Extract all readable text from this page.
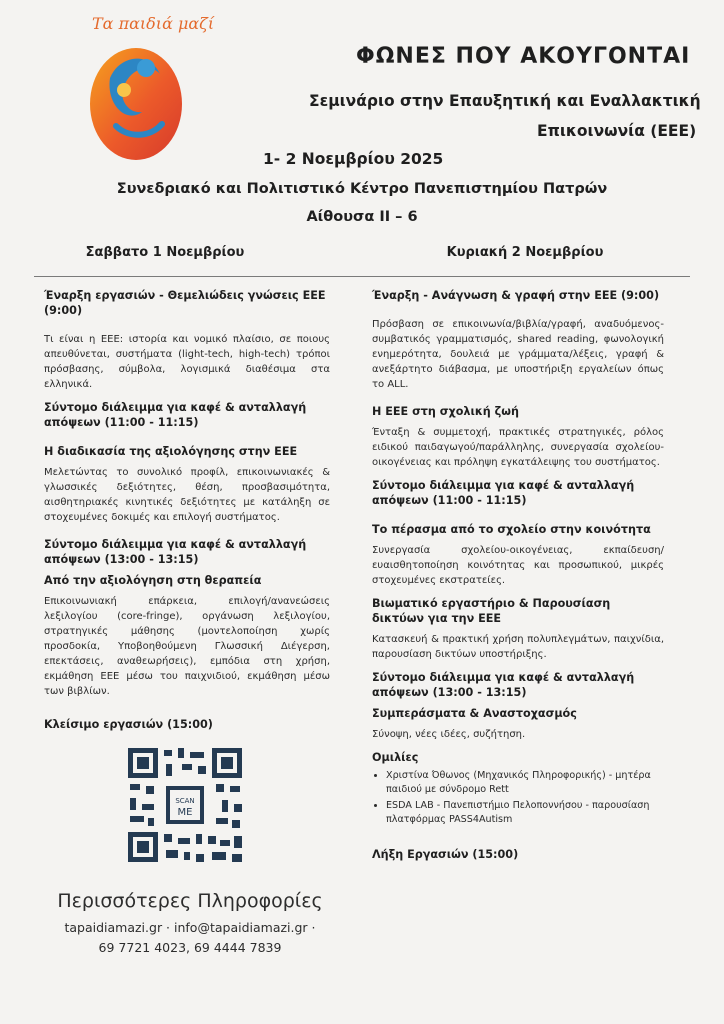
Τα παιδιά μαζί
ΦΩΝΕΣ ΠΟΥ ΑΚΟΥΓΟΝΤΑΙ
Σεμινάριο στην Επαυξητική και Εναλλακτική
Επικοινωνία (ΕΕΕ)
1- 2 Νοεμβρίου 2025
Συνεδριακό και Πολιτιστικό Κέντρο Πανεπιστημίου Πατρών
Αίθουσα ΙΙ – 6
Σαββατο 1 Νοεμβρίου	Κυριακή 2 Νοεμβρίου

Έναρξη εργασιών - Θεμελιώδεις γνώσεις ΕΕΕ (9:00)

Τι είναι η ΕΕΕ: ιστορία και νομικό πλαίσιο, σε ποιους απευθύνεται, συστήματα (light-tech, high-tech) τρόποι πρόσβασης, σύμβολα, λογισμικά διαθέσιμα στα ελληνικά.

Σύντομο διάλειμμα για καφέ & ανταλλαγή απόψεων (11:00 - 11:15)

Η διαδικασία της αξιολόγησης στην ΕΕΕ

Μελετώντας το συνολικό προφίλ, επικοινωνιακές & γλωσσικές δεξιότητες, θέση, προσβασιμότητα, αισθητηριακές κινητικές δεξιότητες με κατάληξη σε στοχευμένες δοκιμές και επιλογή συστήματος.

Σύντομο διάλειμμα για καφέ & ανταλλαγή απόψεων (13:00 - 13:15)

Από την αξιολόγηση στη θεραπεία

Επικοινωνιακή επάρκεια, επιλογή/ανανεώσεις λεξιλογίου (core-fringe), οργάνωση λεξιλογίου, στρατηγικές μάθησης (μοντελοποίηση χωρίς προσδοκία, Υποβοηθούμενη Γλωσσική Διέγερση, επεκτάσεις, αναθεωρήσεις), εμπόδια στη χρήση, εκμάθηση ΕΕΕ μέσω του παιχνιδιού, εκμάθηση μέσω των βιβλίων.

Κλείσιμο εργασιών (15:00)

Έναρξη - Ανάγνωση & γραφή στην ΕΕΕ (9:00)

Πρόσβαση σε επικοινωνία/βιβλία/γραφή, αναδυόμενος-συμβατικός γραμματισμός, shared reading, φωνολογική ενημερότητα, δουλειά με γράμματα/λέξεις, γραφή & ανεξάρτητο διάβασμα, με υποστήριξη εργαλείων όπως το ALL.

Η ΕΕΕ στη σχολική ζωή

Ένταξη & συμμετοχή, πρακτικές στρατηγικές, ρόλος ειδικού παιδαγωγού/παράλληλης, συνεργασία σχολείου-οικογένειας και πρόληψη εγκατάλειψης του συστήματος.

Σύντομο διάλειμμα για καφέ & ανταλλαγή απόψεων (11:00 - 11:15)

Το πέρασμα από το σχολείο στην κοινότητα

Συνεργασία σχολείου-οικογένειας, εκπαίδευση/ ευαισθητοποίηση κοινότητας και προσωπικού, μικρές στοχευμένες εκστρατείες.

Βιωματικό εργαστήριο & Παρουσίαση δικτύων για την ΕΕΕ

Κατασκευή & πρακτική χρήση πολυπλεγμάτων, παιχνίδια, παρουσίαση δικτύων υποστήριξης.

Σύντομο διάλειμμα για καφέ & ανταλλαγή απόψεων (13:00 - 13:15)

Συμπεράσματα & Αναστοχασμός

Σύνοψη, νέες ιδέες, συζήτηση.

Ομιλίες

• Χριστίνα Όθωνος (Μηχανικός Πληροφορικής) - μητέρα παιδιού με σύνδρομο Rett
• ESDA LAB - Πανεπιστήμιο Πελοποννήσου - παρουσίαση πλατφόρμας PASS4Autism

Λήξη Εργασιών (15:00)

SCAN
ME
Περισσότερες Πληροφορίες
tapaidiamazi.gr · info@tapaidiamazi.gr ·
69 7721 4023, 69 4444 7839
